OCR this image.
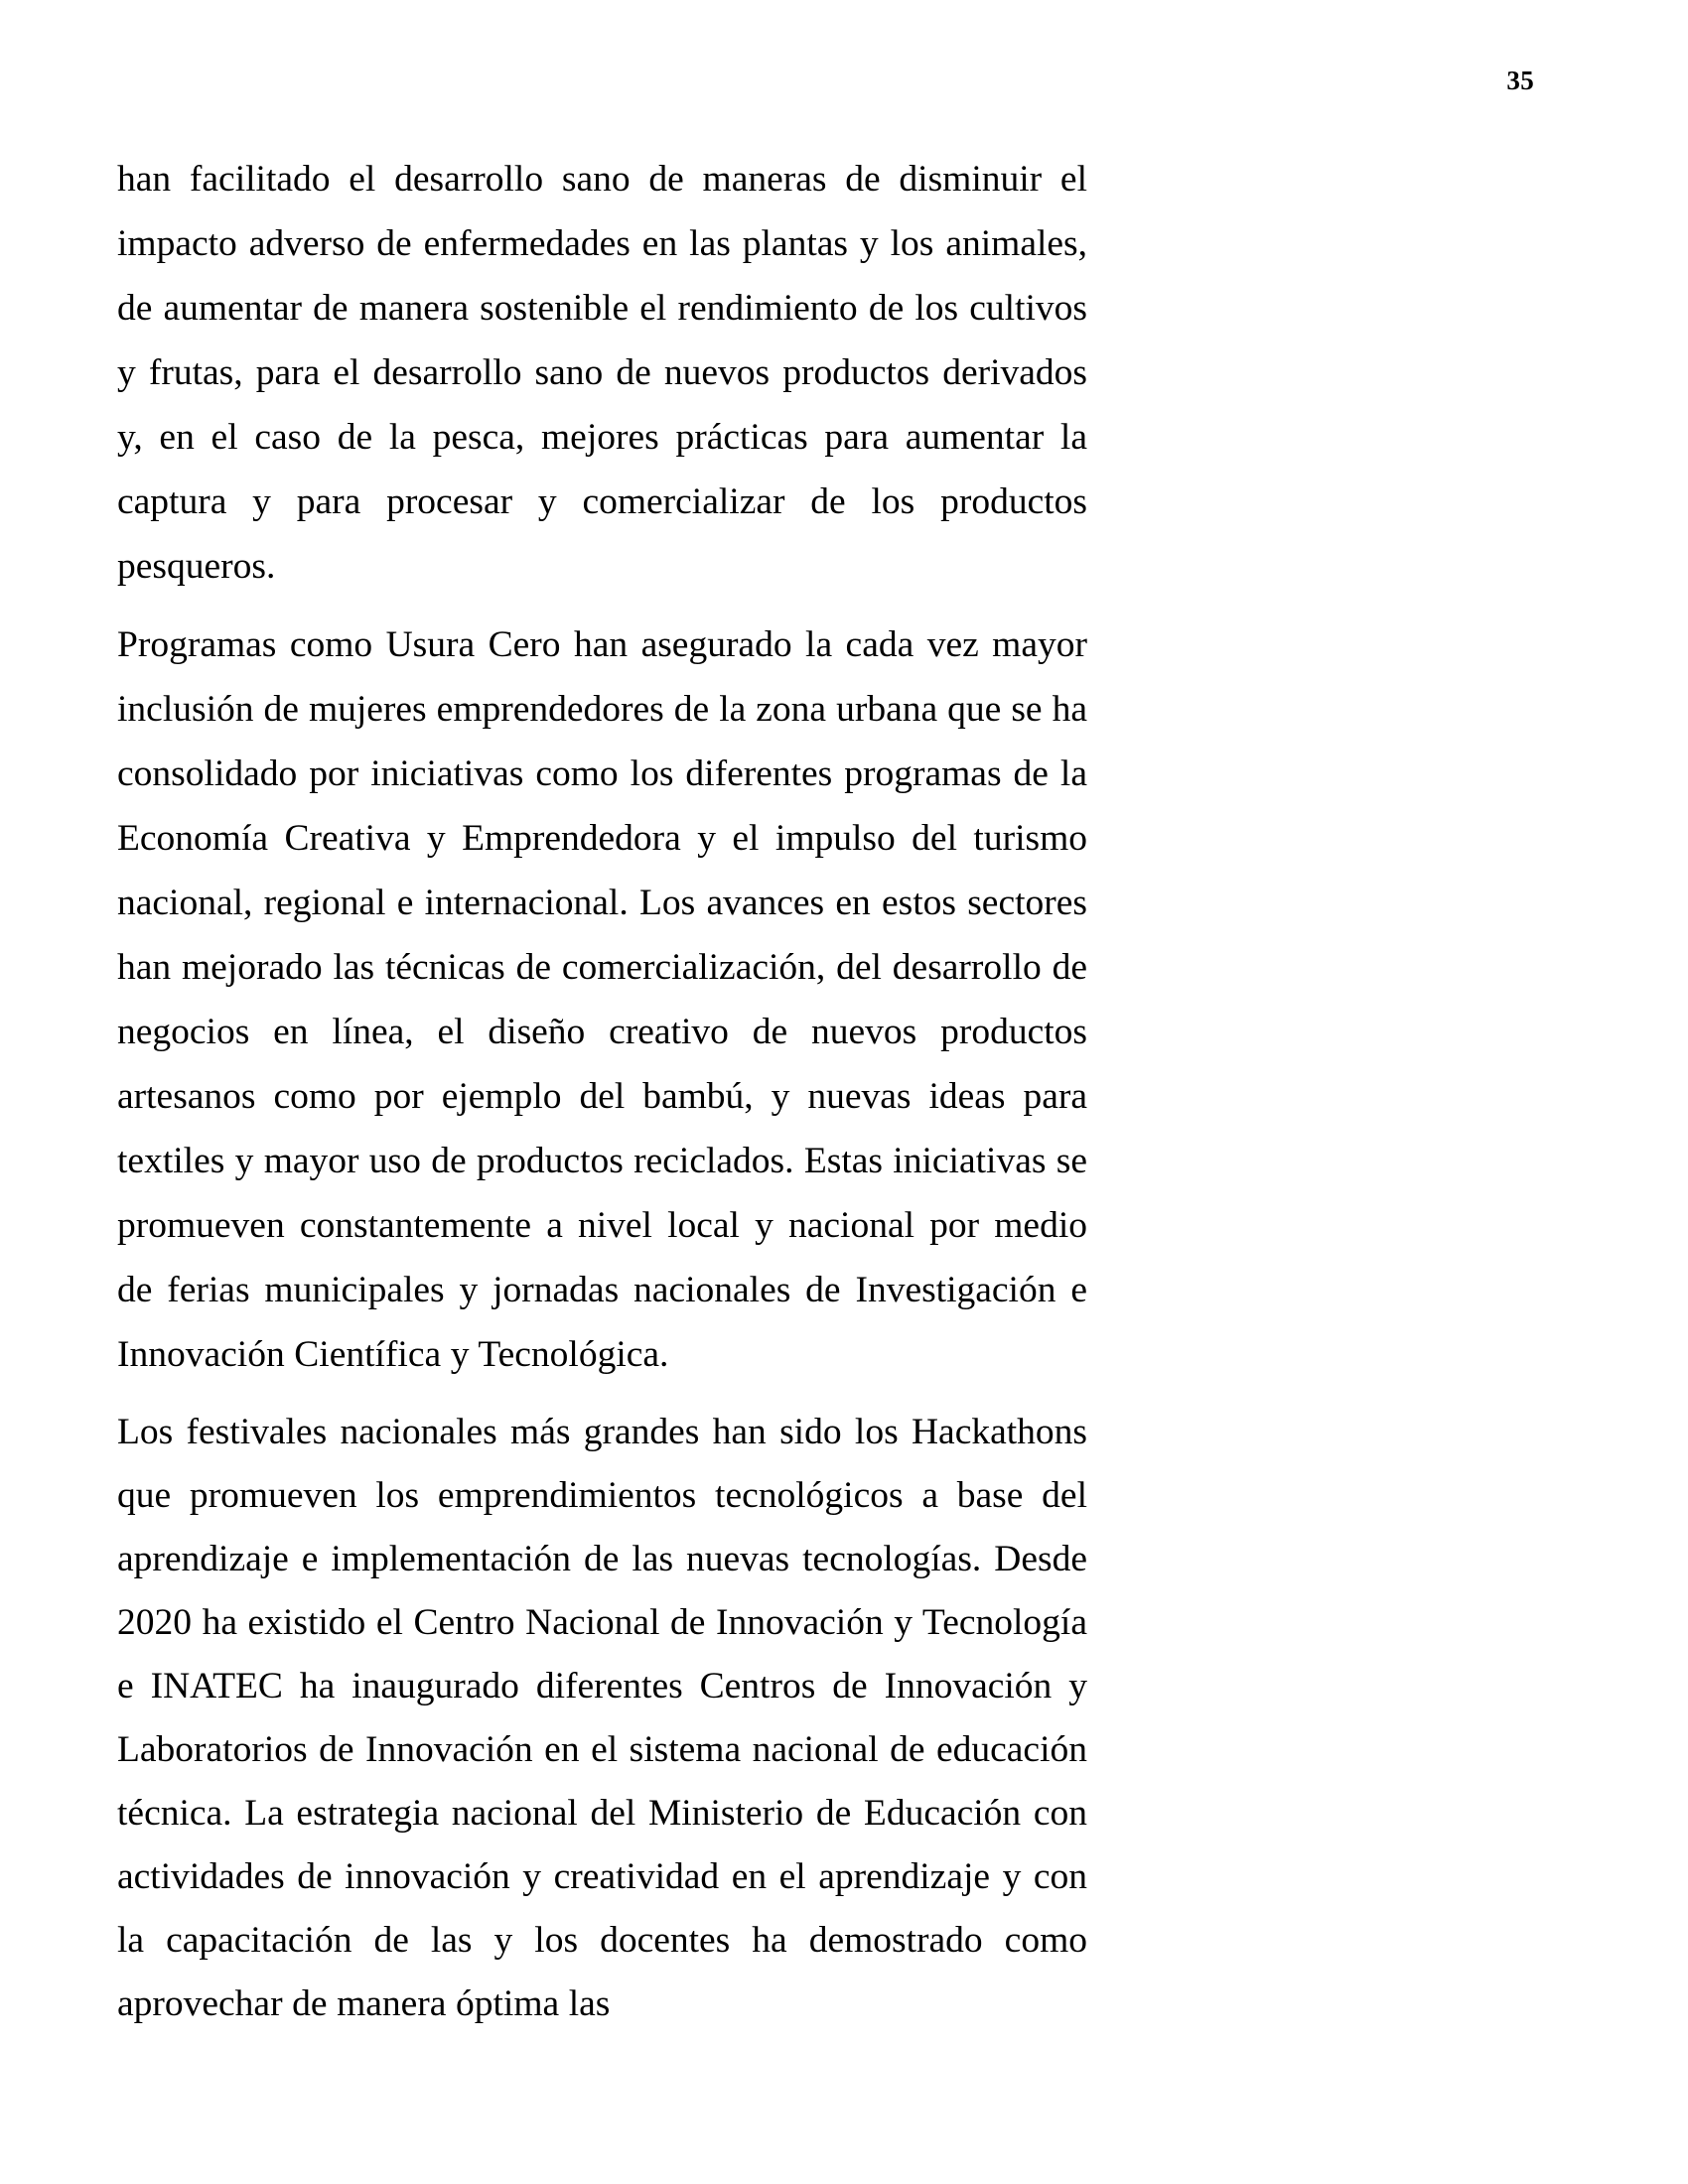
35

han facilitado el desarrollo sano de maneras de disminuir el impacto adverso de enfermedades en las plantas y los animales, de aumentar de manera sostenible el rendimiento de los cultivos y frutas, para el desarrollo sano de nuevos productos derivados y, en el caso de la pesca, mejores prácticas para aumentar la captura y para procesar y comercializar de los productos pesqueros.

Programas como Usura Cero han asegurado la cada vez mayor inclusión de mujeres emprendedores de la zona urbana que se ha consolidado por iniciativas como los diferentes programas de la Economía Creativa y Emprendedora y el impulso del turismo nacional, regional e internacional. Los avances en estos sectores han mejorado las técnicas de comercialización, del desarrollo de negocios en línea, el diseño creativo de nuevos productos artesanos como por ejemplo del bambú, y nuevas ideas para textiles y mayor uso de productos reciclados. Estas iniciativas se promueven constantemente a nivel local y nacional por medio de ferias municipales y jornadas nacionales de Investigación e Innovación Científica y Tecnológica.

Los festivales nacionales más grandes han sido los Hackathons que promueven los emprendimientos tecnológicos a base del aprendizaje e implementación de las nuevas tecnologías. Desde 2020 ha existido el Centro Nacional de Innovación y Tecnología e INATEC ha inaugurado diferentes Centros de Innovación y Laboratorios de Innovación en el sistema nacional de educación técnica. La estrategia nacional del Ministerio de Educación con actividades de innovación y creatividad en el aprendizaje y con la capacitación de las y los docentes ha demostrado como aprovechar de manera óptima las
